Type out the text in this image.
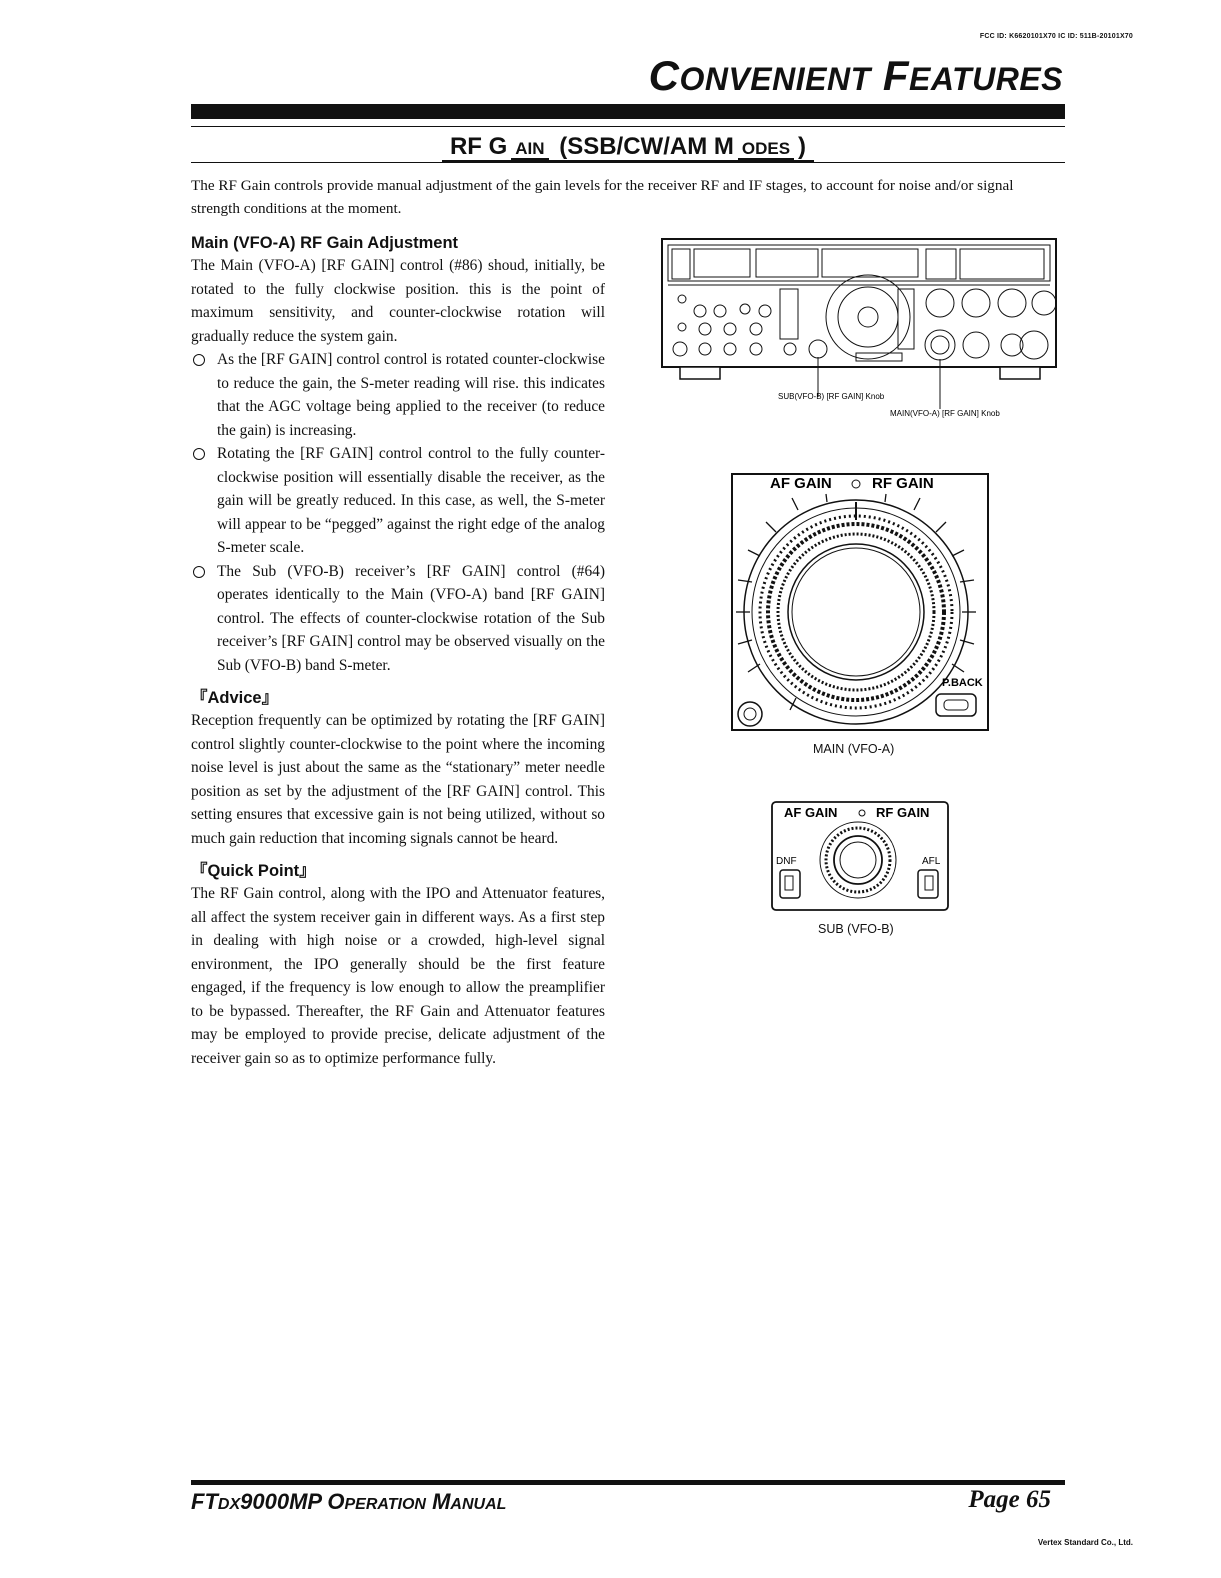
FCC ID: K6620101X70 IC ID: 511B-20101X70
CONVENIENT FEATURES
RF G AIN (SSB/CW/AM M ODES )
The RF Gain controls provide manual adjustment of the gain levels for the receiver RF and IF stages, to account for noise and/or signal strength conditions at the moment.
Main (VFO-A) RF Gain Adjustment

The Main (VFO-A) [RF GAIN] control (#86) shoud, initially, be rotated to the fully clockwise position. this is the point of maximum sensitivity, and counter-clockwise rotation will gradually reduce the system gain.

As the [RF GAIN] control control is rotated counter-clockwise to reduce the gain, the S-meter reading will rise. this indicates that the AGC voltage being applied to the receiver (to reduce the gain) is increasing.
Rotating the [RF GAIN] control control to the fully counter-clockwise position will essentially disable the receiver, as the gain will be greatly reduced. In this case, as well, the S-meter will appear to be “pegged” against the right edge of the analog S-meter scale.
The Sub (VFO-B) receiver’s [RF GAIN] control (#64) operates identically to the Main (VFO-A) band [RF GAIN] control. The effects of counter-clockwise rotation of the Sub receiver’s [RF GAIN] control may be observed visually on the Sub (VFO-B) band S-meter.
『Advice』

Reception frequently can be optimized by rotating the [RF GAIN] control slightly counter-clockwise to the point where the incoming noise level is just about the same as the “stationary” meter needle position as set by the adjustment of the [RF GAIN] control. This setting ensures that excessive gain is not being utilized, without so much gain reduction that incoming signals cannot be heard.

『Quick Point』

The RF Gain control, along with the IPO and Attenuator features, all affect the system receiver gain in different ways. As a first step in dealing with high noise or a crowded, high-level signal environment, the IPO generally should be the first feature engaged, if the frequency is low enough to allow the preamplifier to be bypassed. Thereafter, the RF Gain and Attenuator features may be employed to provide precise, delicate adjustment of the receiver gain so as to optimize performance fully.

SUB(VFO-B) [RF GAIN] Knob
MAIN(VFO-A) [RF GAIN] Knob
AF GAIN	RF GAIN
P.BACK
MAIN (VFO-A)
AF GAIN	RF GAIN
DNF	AFL
SUB (VFO-B)
FTDX9000MP OPERATION MANUAL	Page 65
Vertex Standard Co., Ltd.
